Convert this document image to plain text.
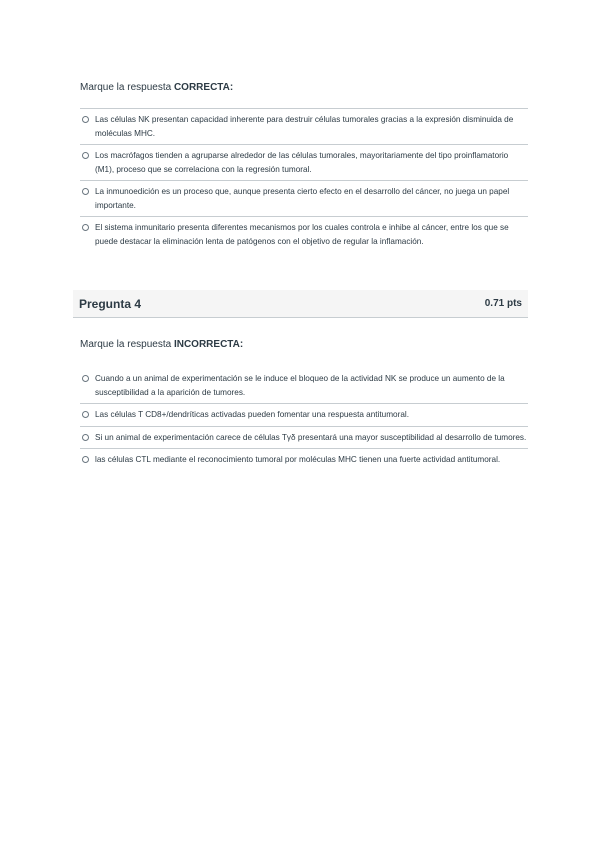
Marque la respuesta CORRECTA:
Las células NK presentan capacidad inherente para destruir células tumorales gracias a la expresión disminuida de moléculas MHC.
Los macrófagos tienden a agruparse alrededor de las células tumorales, mayoritariamente del tipo proinflamatorio (M1), proceso que se correlaciona con la regresión tumoral.
La inmunoedición es un proceso que, aunque presenta cierto efecto en el desarrollo del cáncer, no juega un papel importante.
El sistema inmunitario presenta diferentes mecanismos por los cuales controla e inhibe al cáncer, entre los que se puede destacar la eliminación lenta de patógenos con el objetivo de regular la inflamación.
Pregunta 4	0.71 pts
Marque la respuesta INCORRECTA:
Cuando a un animal de experimentación se le induce el bloqueo de la actividad NK se produce un aumento de la susceptibilidad a la aparición de tumores.
Las células T CD8+/dendríticas activadas pueden fomentar una respuesta antitumoral.
Si un animal de experimentación carece de células Tγδ presentará una mayor susceptibilidad al desarrollo de tumores.
las células CTL mediante el reconocimiento tumoral por moléculas MHC tienen una fuerte actividad antitumoral.
